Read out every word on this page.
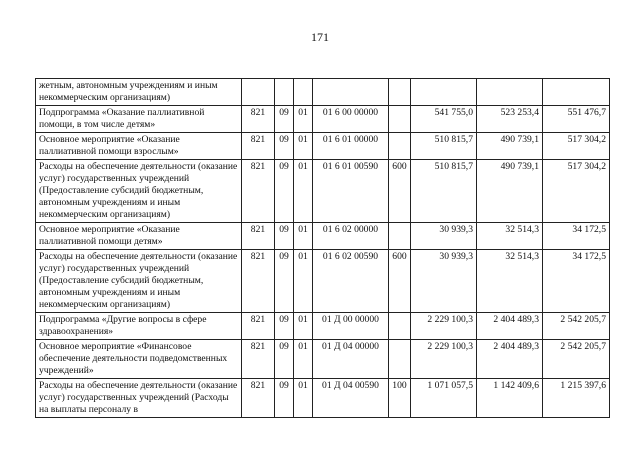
171
жетным, автономным учреждениям и иным некоммерческим организациям)								
Подпрограмма «Оказание паллиативной помощи, в том числе детям»	821	09	01	01 6 00 00000		541 755,0	523 253,4	551 476,7
Основное мероприятие «Оказание паллиативной помощи взрослым»	821	09	01	01 6 01 00000		510 815,7	490 739,1	517 304,2
Расходы на обеспечение деятельности (оказание услуг) государственных учреждений (Предоставление субсидий бюджетным, автономным учреждениям и иным некоммерческим организациям)	821	09	01	01 6 01 00590	600	510 815,7	490 739,1	517 304,2
Основное мероприятие «Оказание паллиативной помощи детям»	821	09	01	01 6 02 00000		30 939,3	32 514,3	34 172,5
Расходы на обеспечение деятельности (оказание услуг) государственных учреждений (Предоставление субсидий бюджетным, автономным учреждениям и иным некоммерческим организациям)	821	09	01	01 6 02 00590	600	30 939,3	32 514,3	34 172,5
Подпрограмма «Другие вопросы в сфере здравоохранения»	821	09	01	01 Д 00 00000		2 229 100,3	2 404 489,3	2 542 205,7
Основное мероприятие «Финансовое обеспечение деятельности подведомственных учреждений»	821	09	01	01 Д 04 00000		2 229 100,3	2 404 489,3	2 542 205,7
Расходы на обеспечение деятельности (оказание услуг) государственных учреждений (Расходы на выплаты персоналу в	821	09	01	01 Д 04 00590	100	1 071 057,5	1 142 409,6	1 215 397,6
